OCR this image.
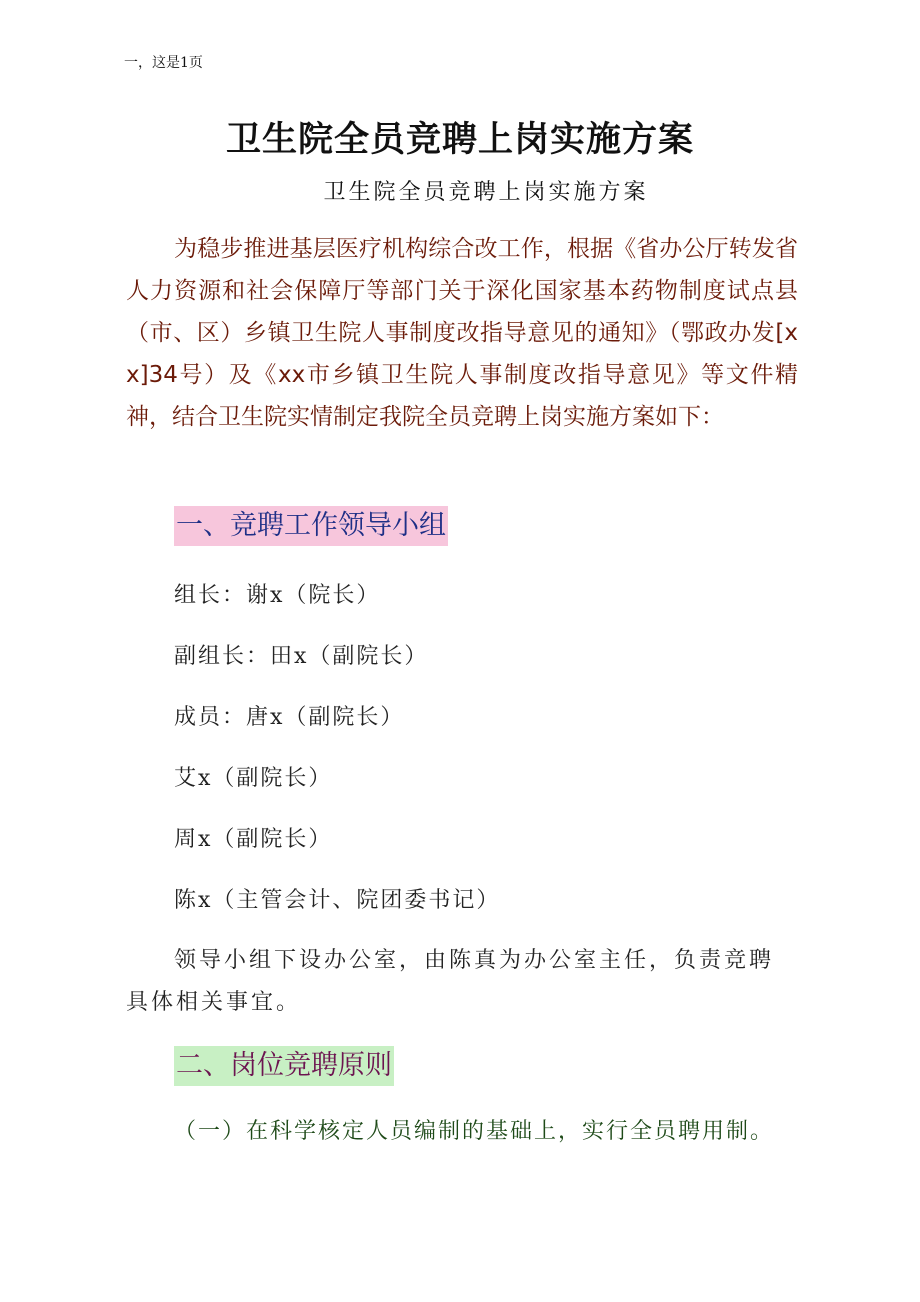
一，这是1页
卫生院全员竞聘上岗实施方案
卫生院全员竞聘上岗实施方案
为稳步推进基层医疗机构综合改工作，根据《省办公厅转发省人力资源和社会保障厅等部门关于深化国家基本药物制度试点县（市、区）乡镇卫生院人事制度改指导意见的通知》（鄂政办发[xx]34号）及《xx市乡镇卫生院人事制度改指导意见》等文件精神，结合卫生院实情制定我院全员竞聘上岗实施方案如下：
一、竞聘工作领导小组
组长：谢x（院长）
副组长：田x（副院长）
成员：唐x（副院长）
艾x（副院长）
周x（副院长）
陈x（主管会计、院团委书记）
领导小组下设办公室，由陈真为办公室主任，负责竞聘具体相关事宜。
二、岗位竞聘原则
（一）在科学核定人员编制的基础上，实行全员聘用制。
